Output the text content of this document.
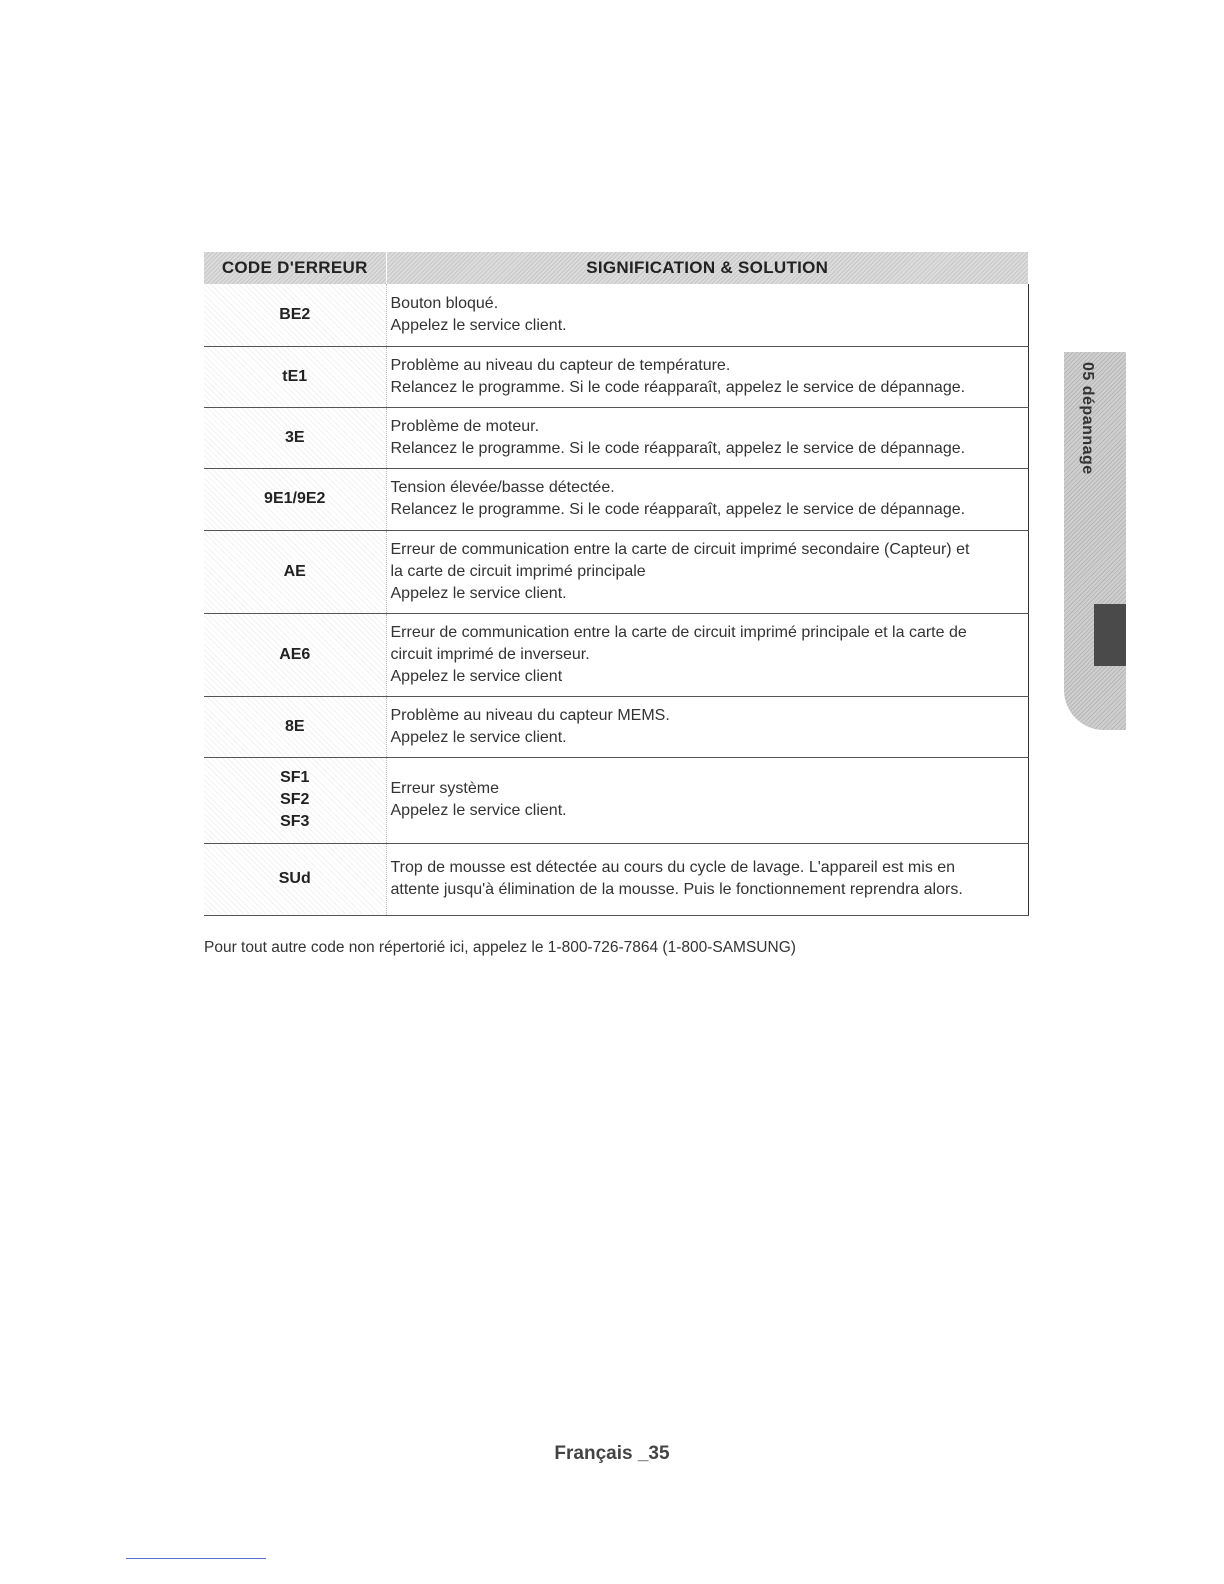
CODE D'ERREUR	SIGNIFICATION & SOLUTION

BE2	Bouton bloqué.
Appelez le service client.

tE1	Problème au niveau du capteur de température.
Relancez le programme. Si le code réapparaît, appelez le service de dépannage.

3E	Problème de moteur.
Relancez le programme. Si le code réapparaît, appelez le service de dépannage.

9E1/9E2	Tension élevée/basse détectée.
Relancez le programme. Si le code réapparaît, appelez le service de dépannage.

AE	Erreur de communication entre la carte de circuit imprimé secondaire (Capteur) et
la carte de circuit imprimé principale
Appelez le service client.

AE6	Erreur de communication entre la carte de circuit imprimé principale et la carte de
circuit imprimé de inverseur.
Appelez le service client

8E	Problème au niveau du capteur MEMS.
Appelez le service client.

SF1
SF2
SF3	Erreur système
Appelez le service client.

SUd	Trop de mousse est détectée au cours du cycle de lavage. L'appareil est mis en
attente jusqu'à élimination de la mousse. Puis le fonctionnement reprendra alors.
Pour tout autre code non répertorié ici, appelez le 1-800-726-7864 (1-800-SAMSUNG)
05 dépannage
Français _35
